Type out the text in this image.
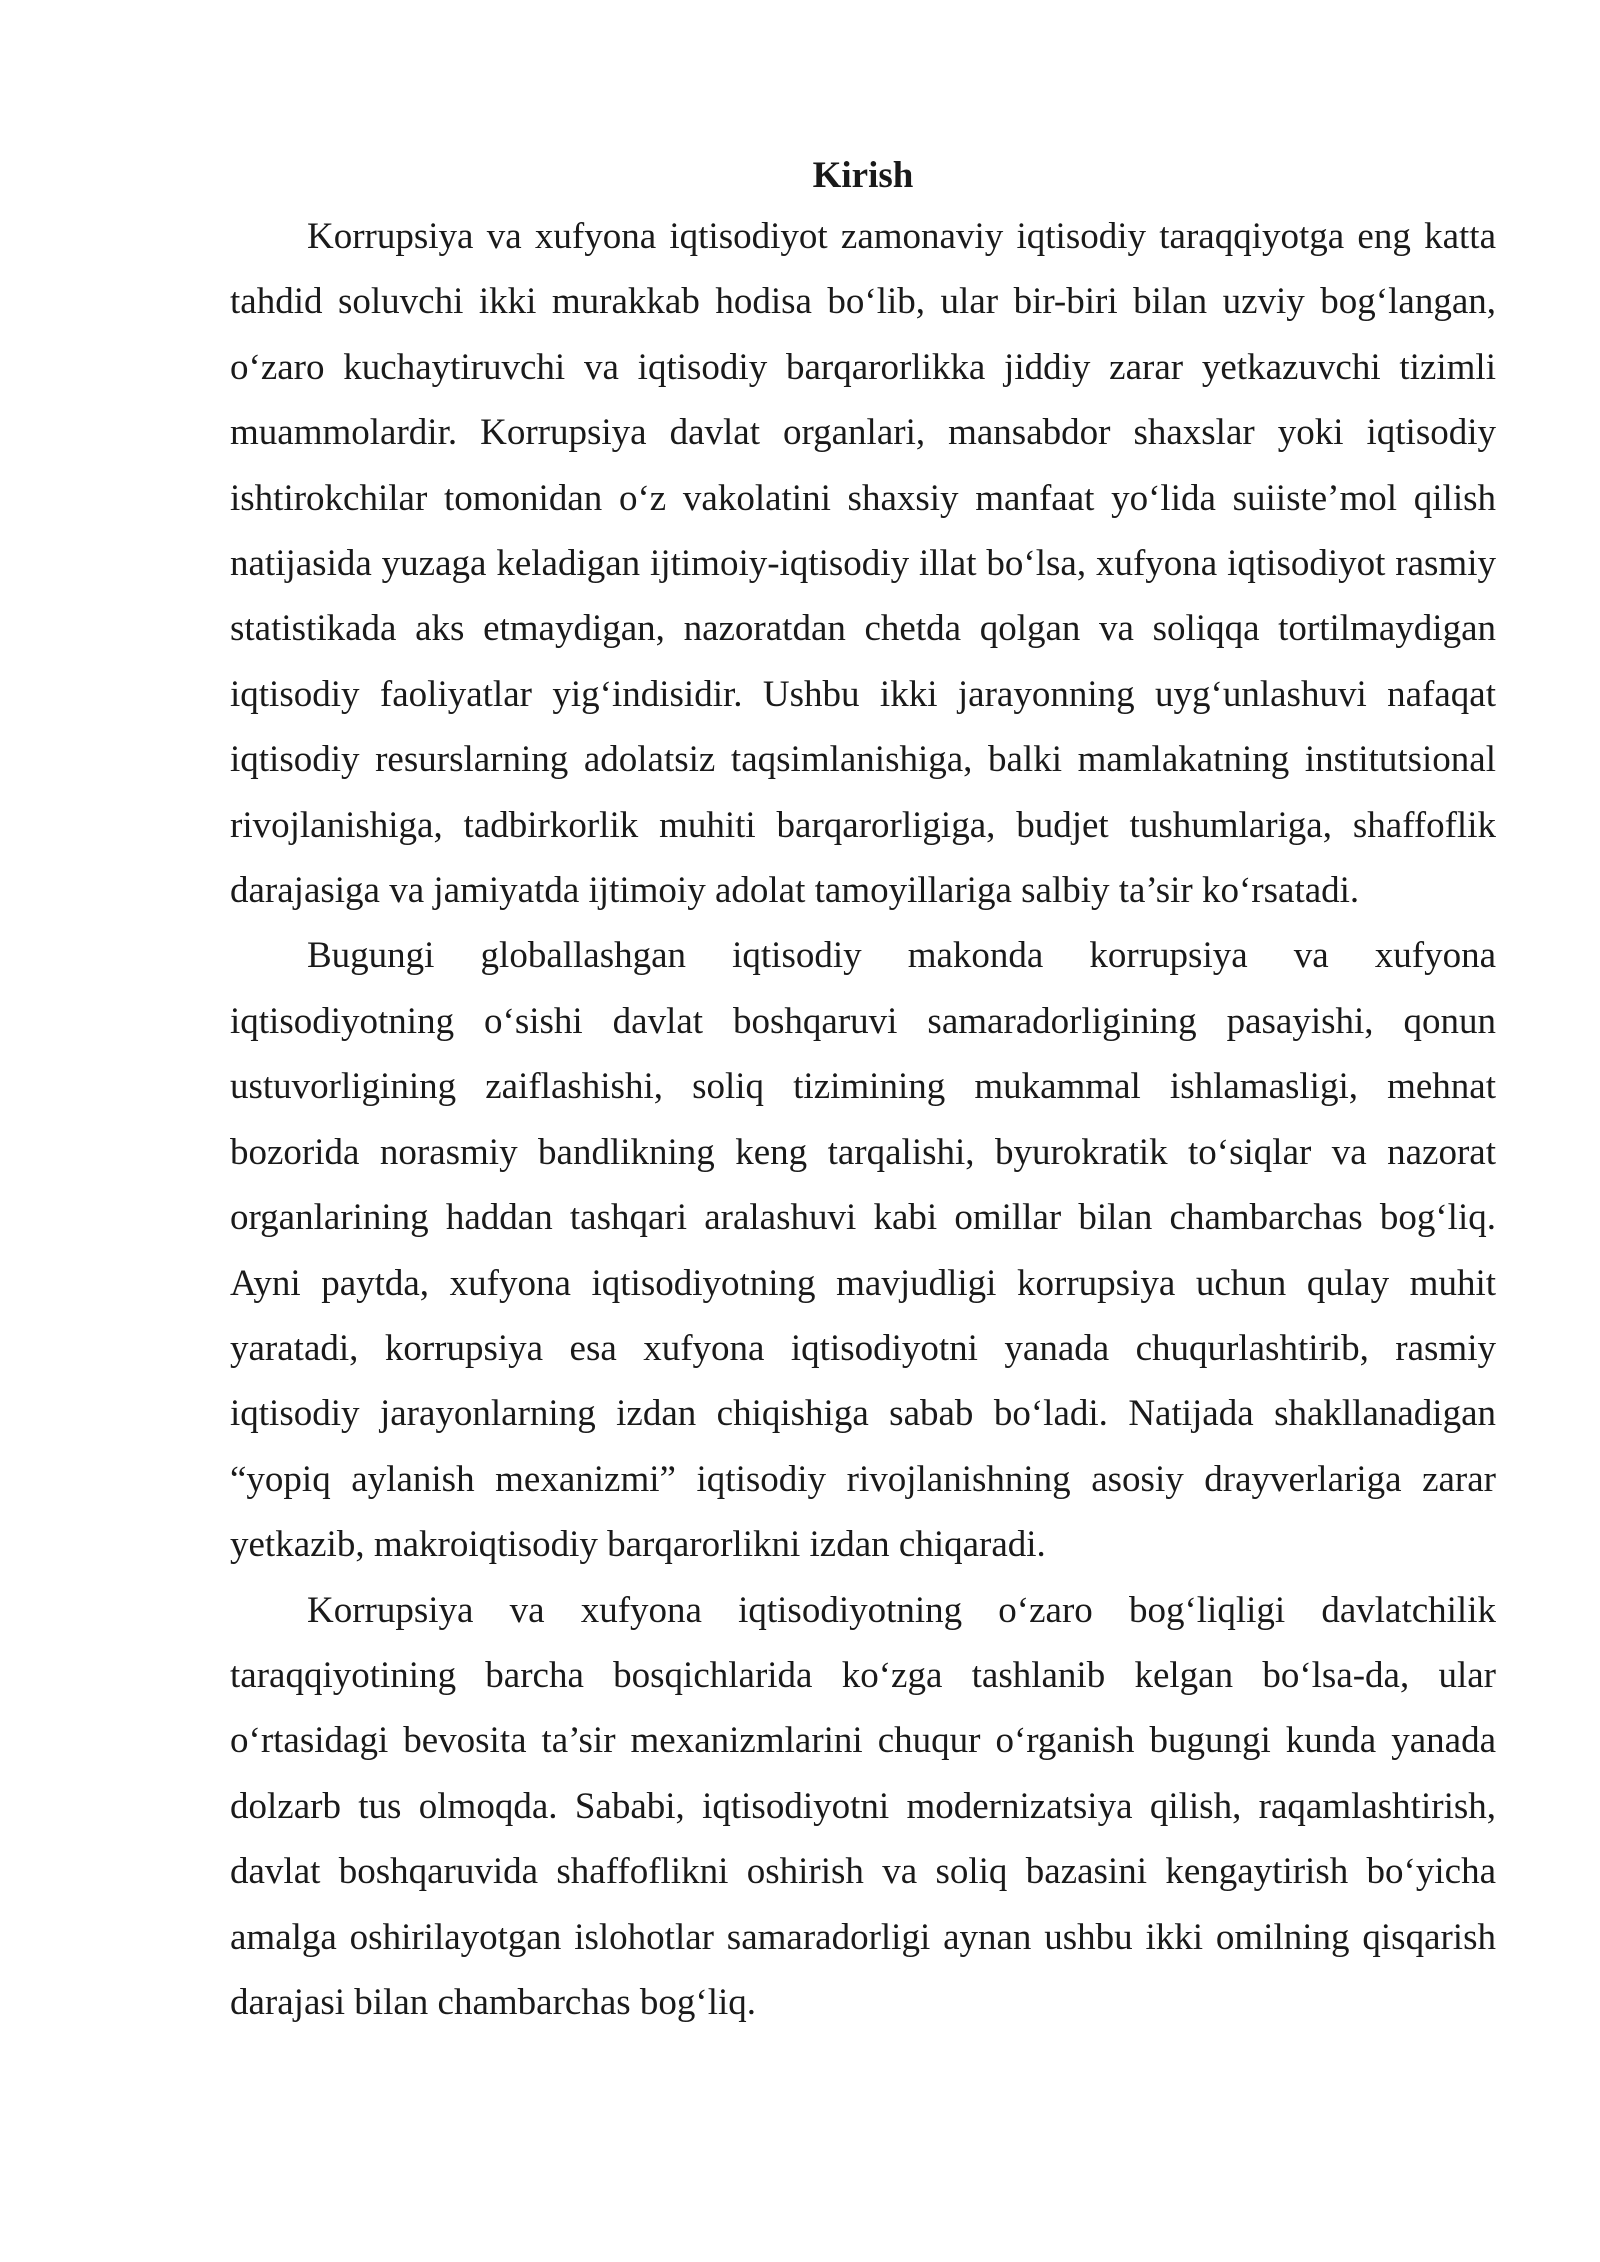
Kirish

Korrupsiya va xufyona iqtisodiyot zamonaviy iqtisodiy taraqqiyotga eng katta tahdid soluvchi ikki murakkab hodisa bo‘lib, ular bir-biri bilan uzviy bog‘langan, o‘zaro kuchaytiruvchi va iqtisodiy barqarorlikka jiddiy zarar yetkazuvchi tizimli muammolardir. Korrupsiya davlat organlari, mansabdor shaxslar yoki iqtisodiy ishtirokchilar tomonidan o‘z vakolatini shaxsiy manfaat yo‘lida suiiste’mol qilish natijasida yuzaga keladigan ijtimoiy-iqtisodiy illat bo‘lsa, xufyona iqtisodiyot rasmiy statistikada aks etmaydigan, nazoratdan chetda qolgan va soliqqa tortilmaydigan iqtisodiy faoliyatlar yig‘indisidir. Ushbu ikki jarayonning uyg‘unlashuvi nafaqat iqtisodiy resurslarning adolatsiz taqsimlanishiga, balki mamlakatning institutsional rivojlanishiga, tadbirkorlik muhiti barqarorligiga, budjet tushumlariga, shaffoflik darajasiga va jamiyatda ijtimoiy adolat tamoyillariga salbiy ta’sir ko‘rsatadi.

Bugungi globallashgan iqtisodiy makonda korrupsiya va xufyona iqtisodiyotning o‘sishi davlat boshqaruvi samaradorligining pasayishi, qonun ustuvorligining zaiflashishi, soliq tizimining mukammal ishlamasligi, mehnat bozorida norasmiy bandlikning keng tarqalishi, byurokratik to‘siqlar va nazorat organlarining haddan tashqari aralashuvi kabi omillar bilan chambarchas bog‘liq. Ayni paytda, xufyona iqtisodiyotning mavjudligi korrupsiya uchun qulay muhit yaratadi, korrupsiya esa xufyona iqtisodiyotni yanada chuqurlashtirib, rasmiy iqtisodiy jarayonlarning izdan chiqishiga sabab bo‘ladi. Natijada shakllanadigan “yopiq aylanish mexanizmi” iqtisodiy rivojlanishning asosiy drayverlariga zarar yetkazib, makroiqtisodiy barqarorlikni izdan chiqaradi.

Korrupsiya va xufyona iqtisodiyotning o‘zaro bog‘liqligi davlatchilik taraqqiyotining barcha bosqichlarida ko‘zga tashlanib kelgan bo‘lsa-da, ular o‘rtasidagi bevosita ta’sir mexanizmlarini chuqur o‘rganish bugungi kunda yanada dolzarb tus olmoqda. Sababi, iqtisodiyotni modernizatsiya qilish, raqamlashtirish, davlat boshqaruvida shaffoflikni oshirish va soliq bazasini kengaytirish bo‘yicha amalga oshirilayotgan islohotlar samaradorligi aynan ushbu ikki omilning qisqarish darajasi bilan chambarchas bog‘liq.
